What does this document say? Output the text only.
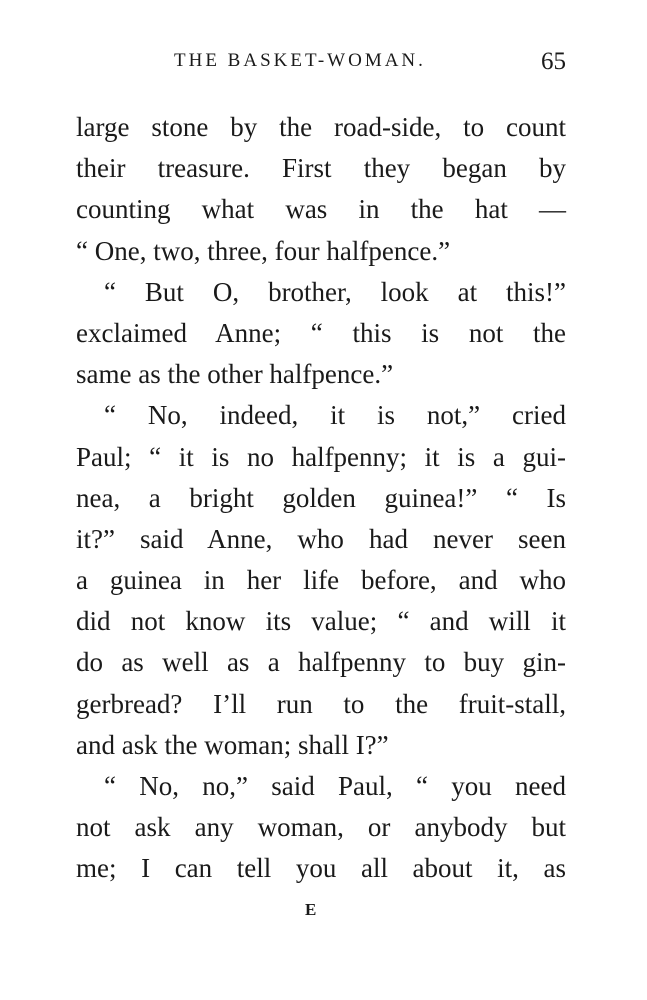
THE BASKET-WOMAN.	65
large stone by the road-side, to count
their treasure. First they began by
counting what was in the hat —
“ One, two, three, four halfpence.”
“ But O, brother, look at this!”
exclaimed Anne; “ this is not the
same as the other halfpence.”
“ No, indeed, it is not,” cried
Paul; “ it is no halfpenny; it is a gui-
nea, a bright golden guinea!” “ Is
it?” said Anne, who had never seen
a guinea in her life before, and who
did not know its value; “ and will it
do as well as a halfpenny to buy gin-
gerbread? I’ll run to the fruit-stall,
and ask the woman; shall I?”
“ No, no,” said Paul, “ you need
not ask any woman, or anybody but
me; I can tell you all about it, as
E
